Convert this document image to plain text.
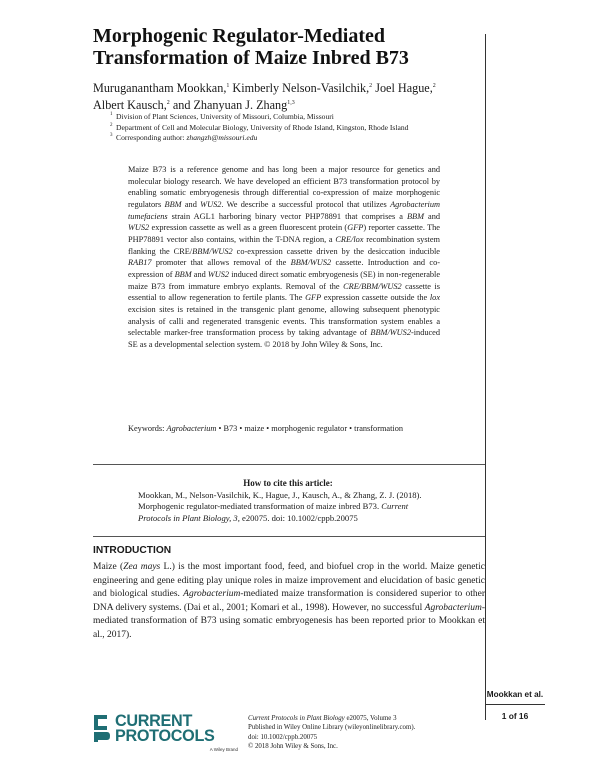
Morphogenic Regulator-Mediated Transformation of Maize Inbred B73
Muruganantham Mookkan,$^1$ Kimberly Nelson-Vasilchik,$^2$ Joel Hague,$^2$
Albert Kausch,$^2$ and Zhanyuan J. Zhang$^{1,3}$
1 Division of Plant Sciences, University of Missouri, Columbia, Missouri
2 Department of Cell and Molecular Biology, University of Rhode Island, Kingston, Rhode Island
3 Corresponding author: zhangzh@missouri.edu
Maize B73 is a reference genome and has long been a major resource for genetics and molecular biology research. We have developed an efficient B73 transformation protocol by enabling somatic embryogenesis through differential co-expression of maize morphogenic regulators BBM and WUS2. We describe a successful protocol that utilizes Agrobacterium tumefaciens strain AGL1 harboring binary vector PHP78891 that comprises a BBM and WUS2 expression cassette as well as a green fluorescent protein (GFP) reporter cassette. The PHP78891 vector also contains, within the T-DNA region, a CRE/lox recombination system flanking the CRE/BBM/WUS2 co-expression cassette driven by the desiccation inducible RAB17 promoter that allows removal of the BBM/WUS2 cassette. Introduction and co-expression of BBM and WUS2 induced direct somatic embryogenesis (SE) in non-regenerable maize B73 from immature embryo explants. Removal of the CRE/BBM/WUS2 cassette is essential to allow regeneration to fertile plants. The GFP expression cassette outside the lox excision sites is retained in the transgenic plant genome, allowing subsequent phenotypic analysis of calli and regenerated transgenic events. This transformation system enables a selectable marker-free transformation process by taking advantage of BBM/WUS2-induced SE as a developmental selection system. © 2018 by John Wiley & Sons, Inc.
Keywords: Agrobacterium • B73 • maize • morphogenic regulator • transformation
How to cite this article:
Mookkan, M., Nelson-Vasilchik, K., Hague, J., Kausch, A., & Zhang, Z. J. (2018). Morphogenic regulator-mediated transformation of maize inbred B73. Current Protocols in Plant Biology, 3, e20075. doi: 10.1002/cppb.20075
INTRODUCTION
Maize (Zea mays L.) is the most important food, feed, and biofuel crop in the world. Maize genetic engineering and gene editing play unique roles in maize improvement and elucidation of basic genetic and biological studies. Agrobacterium-mediated maize transformation is considered superior to other DNA delivery systems. (Dai et al., 2001; Komari et al., 1998). However, no successful Agrobacterium-mediated transformation of B73 using somatic embryogenesis has been reported prior to Mookkan et al., 2017).
Mookkan et al.
1 of 16
CURRENT
PROTOCOLS
A Wiley Brand
Current Protocols in Plant Biology e20075, Volume 3
Published in Wiley Online Library (wileyonlinelibrary.com).
doi: 10.1002/cppb.20075
© 2018 John Wiley & Sons, Inc.
